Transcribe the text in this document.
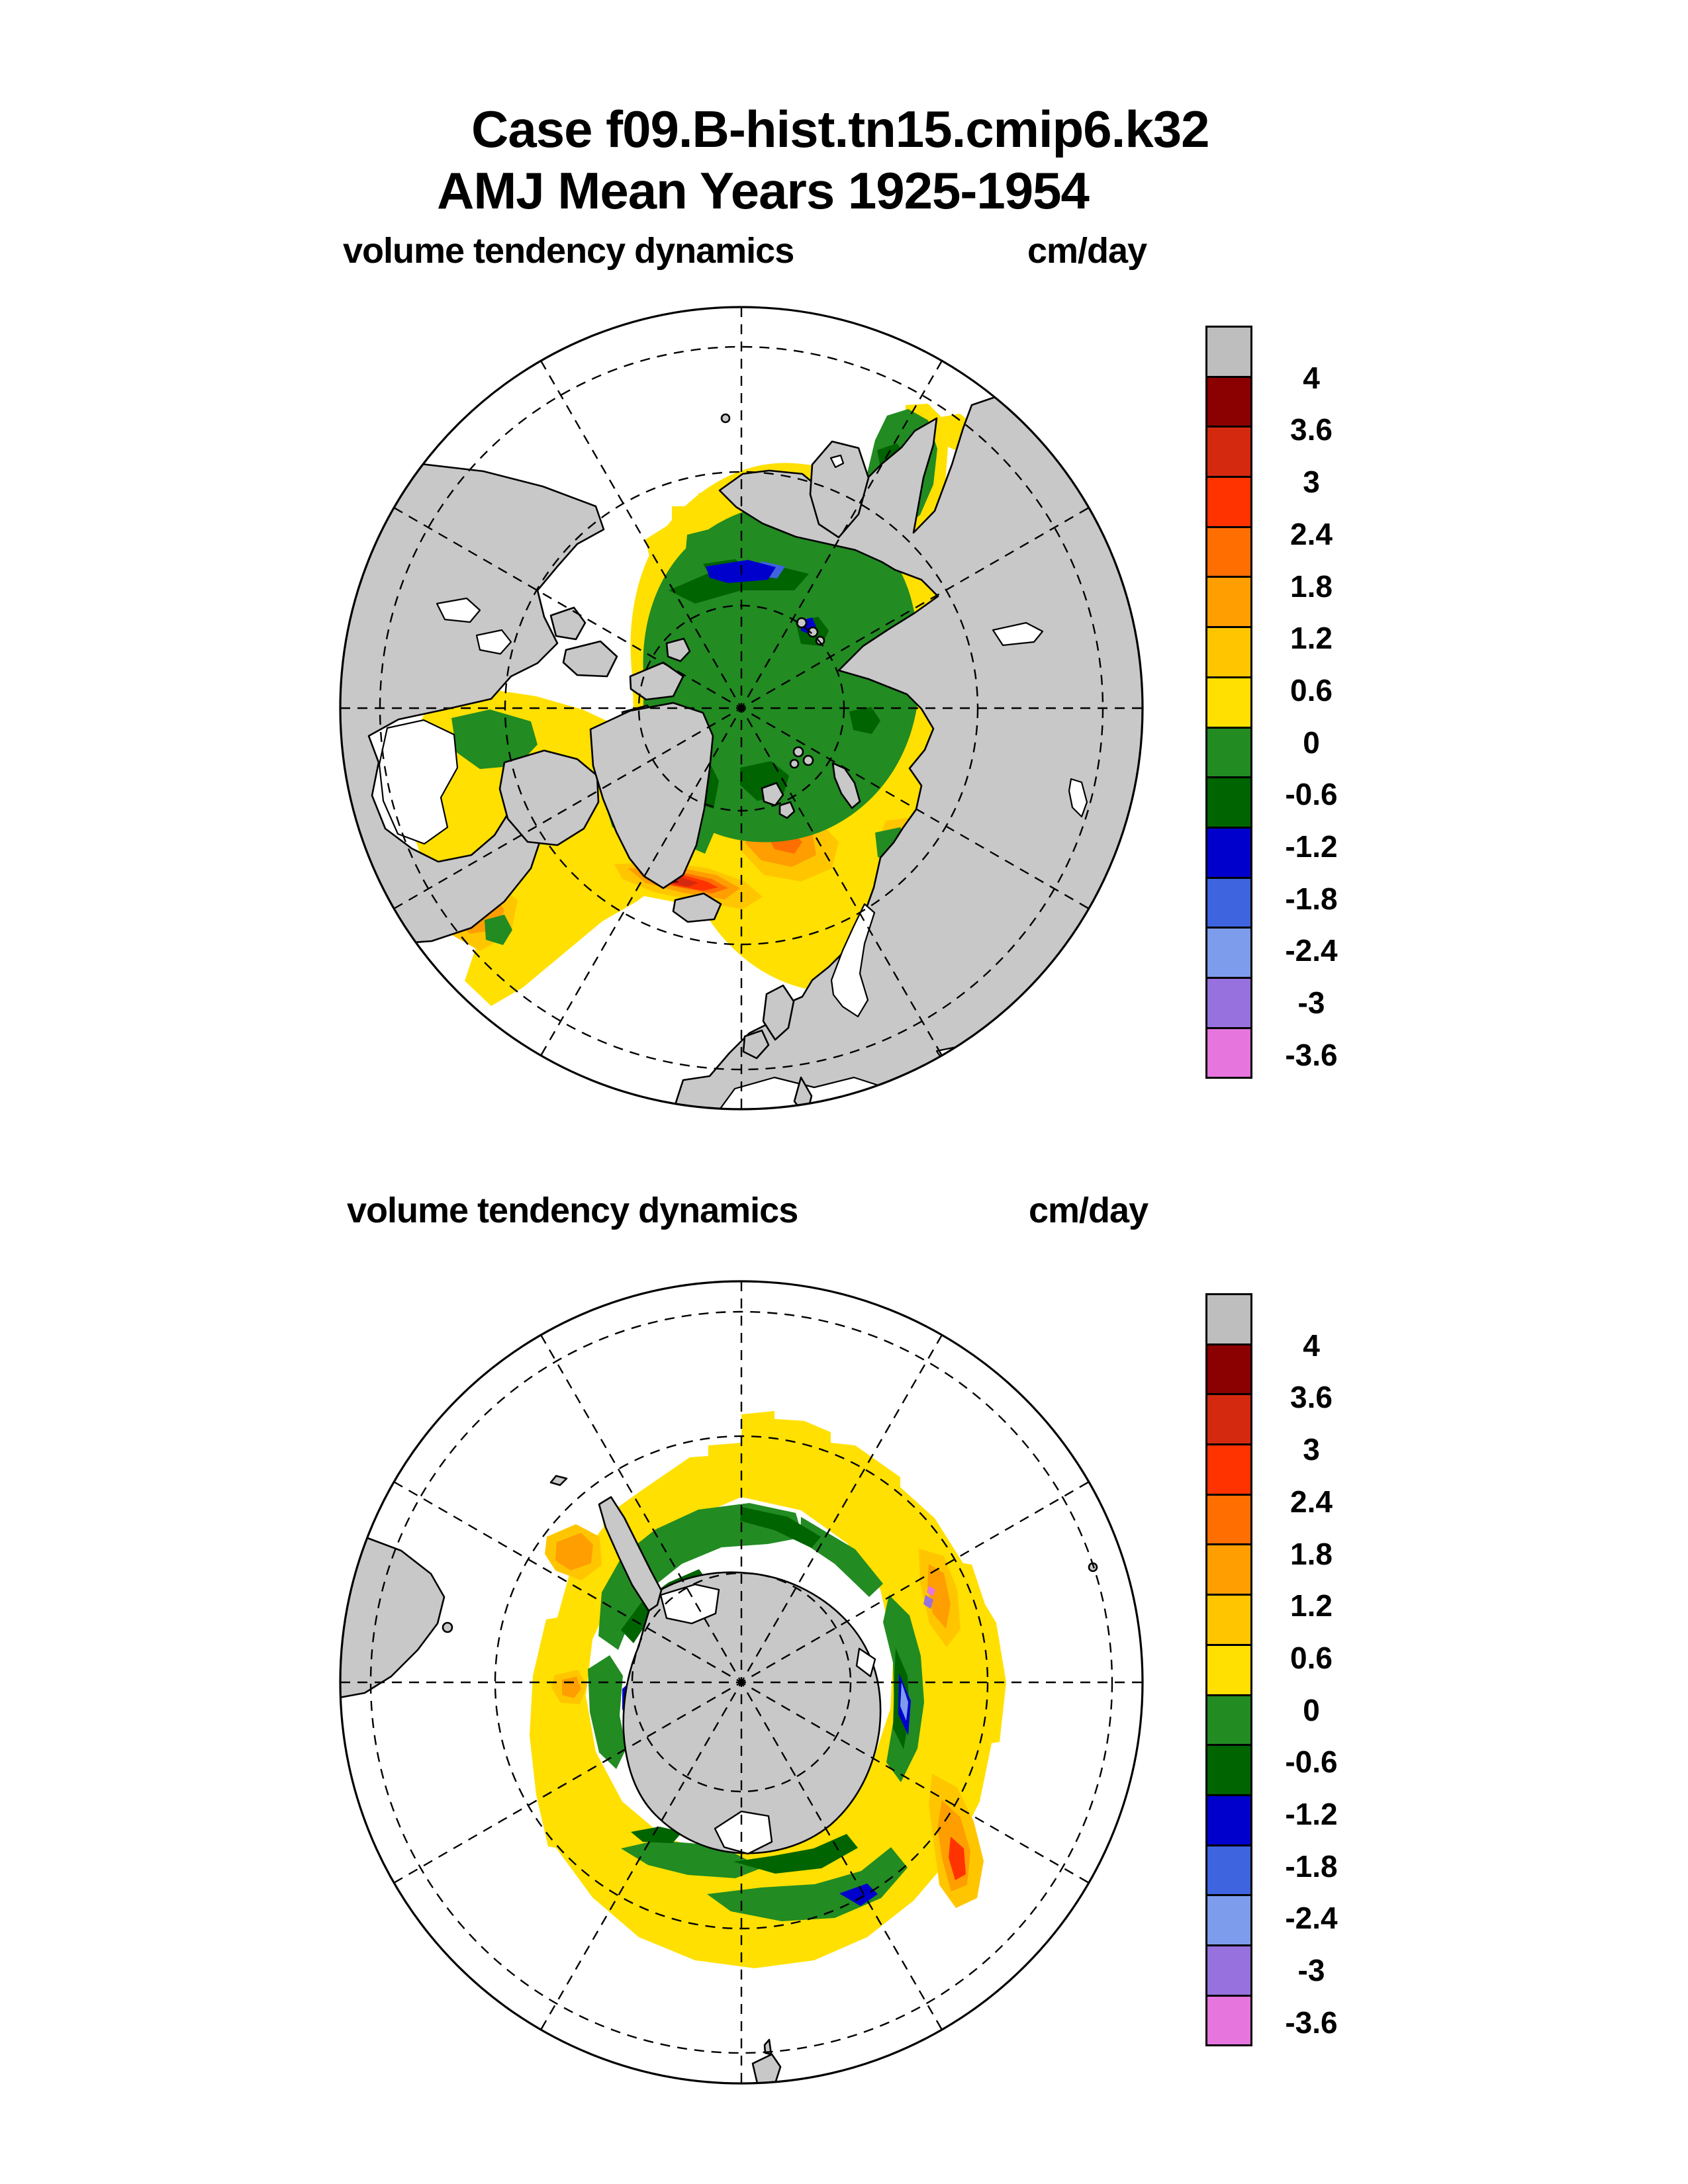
Case f09.B-hist.tn15.cmip6.k32
AMJ Mean Years 1925-1954
volume tendency dynamics	cm/day
4
3.6
3
2.4
1.8
1.2
0.6
0
-0.6
-1.2
-1.8
-2.4
-3
-3.6
volume tendency dynamics	cm/day
4
3.6
3
2.4
1.8
1.2
0.6
0
-0.6
-1.2
-1.8
-2.4
-3
-3.6
